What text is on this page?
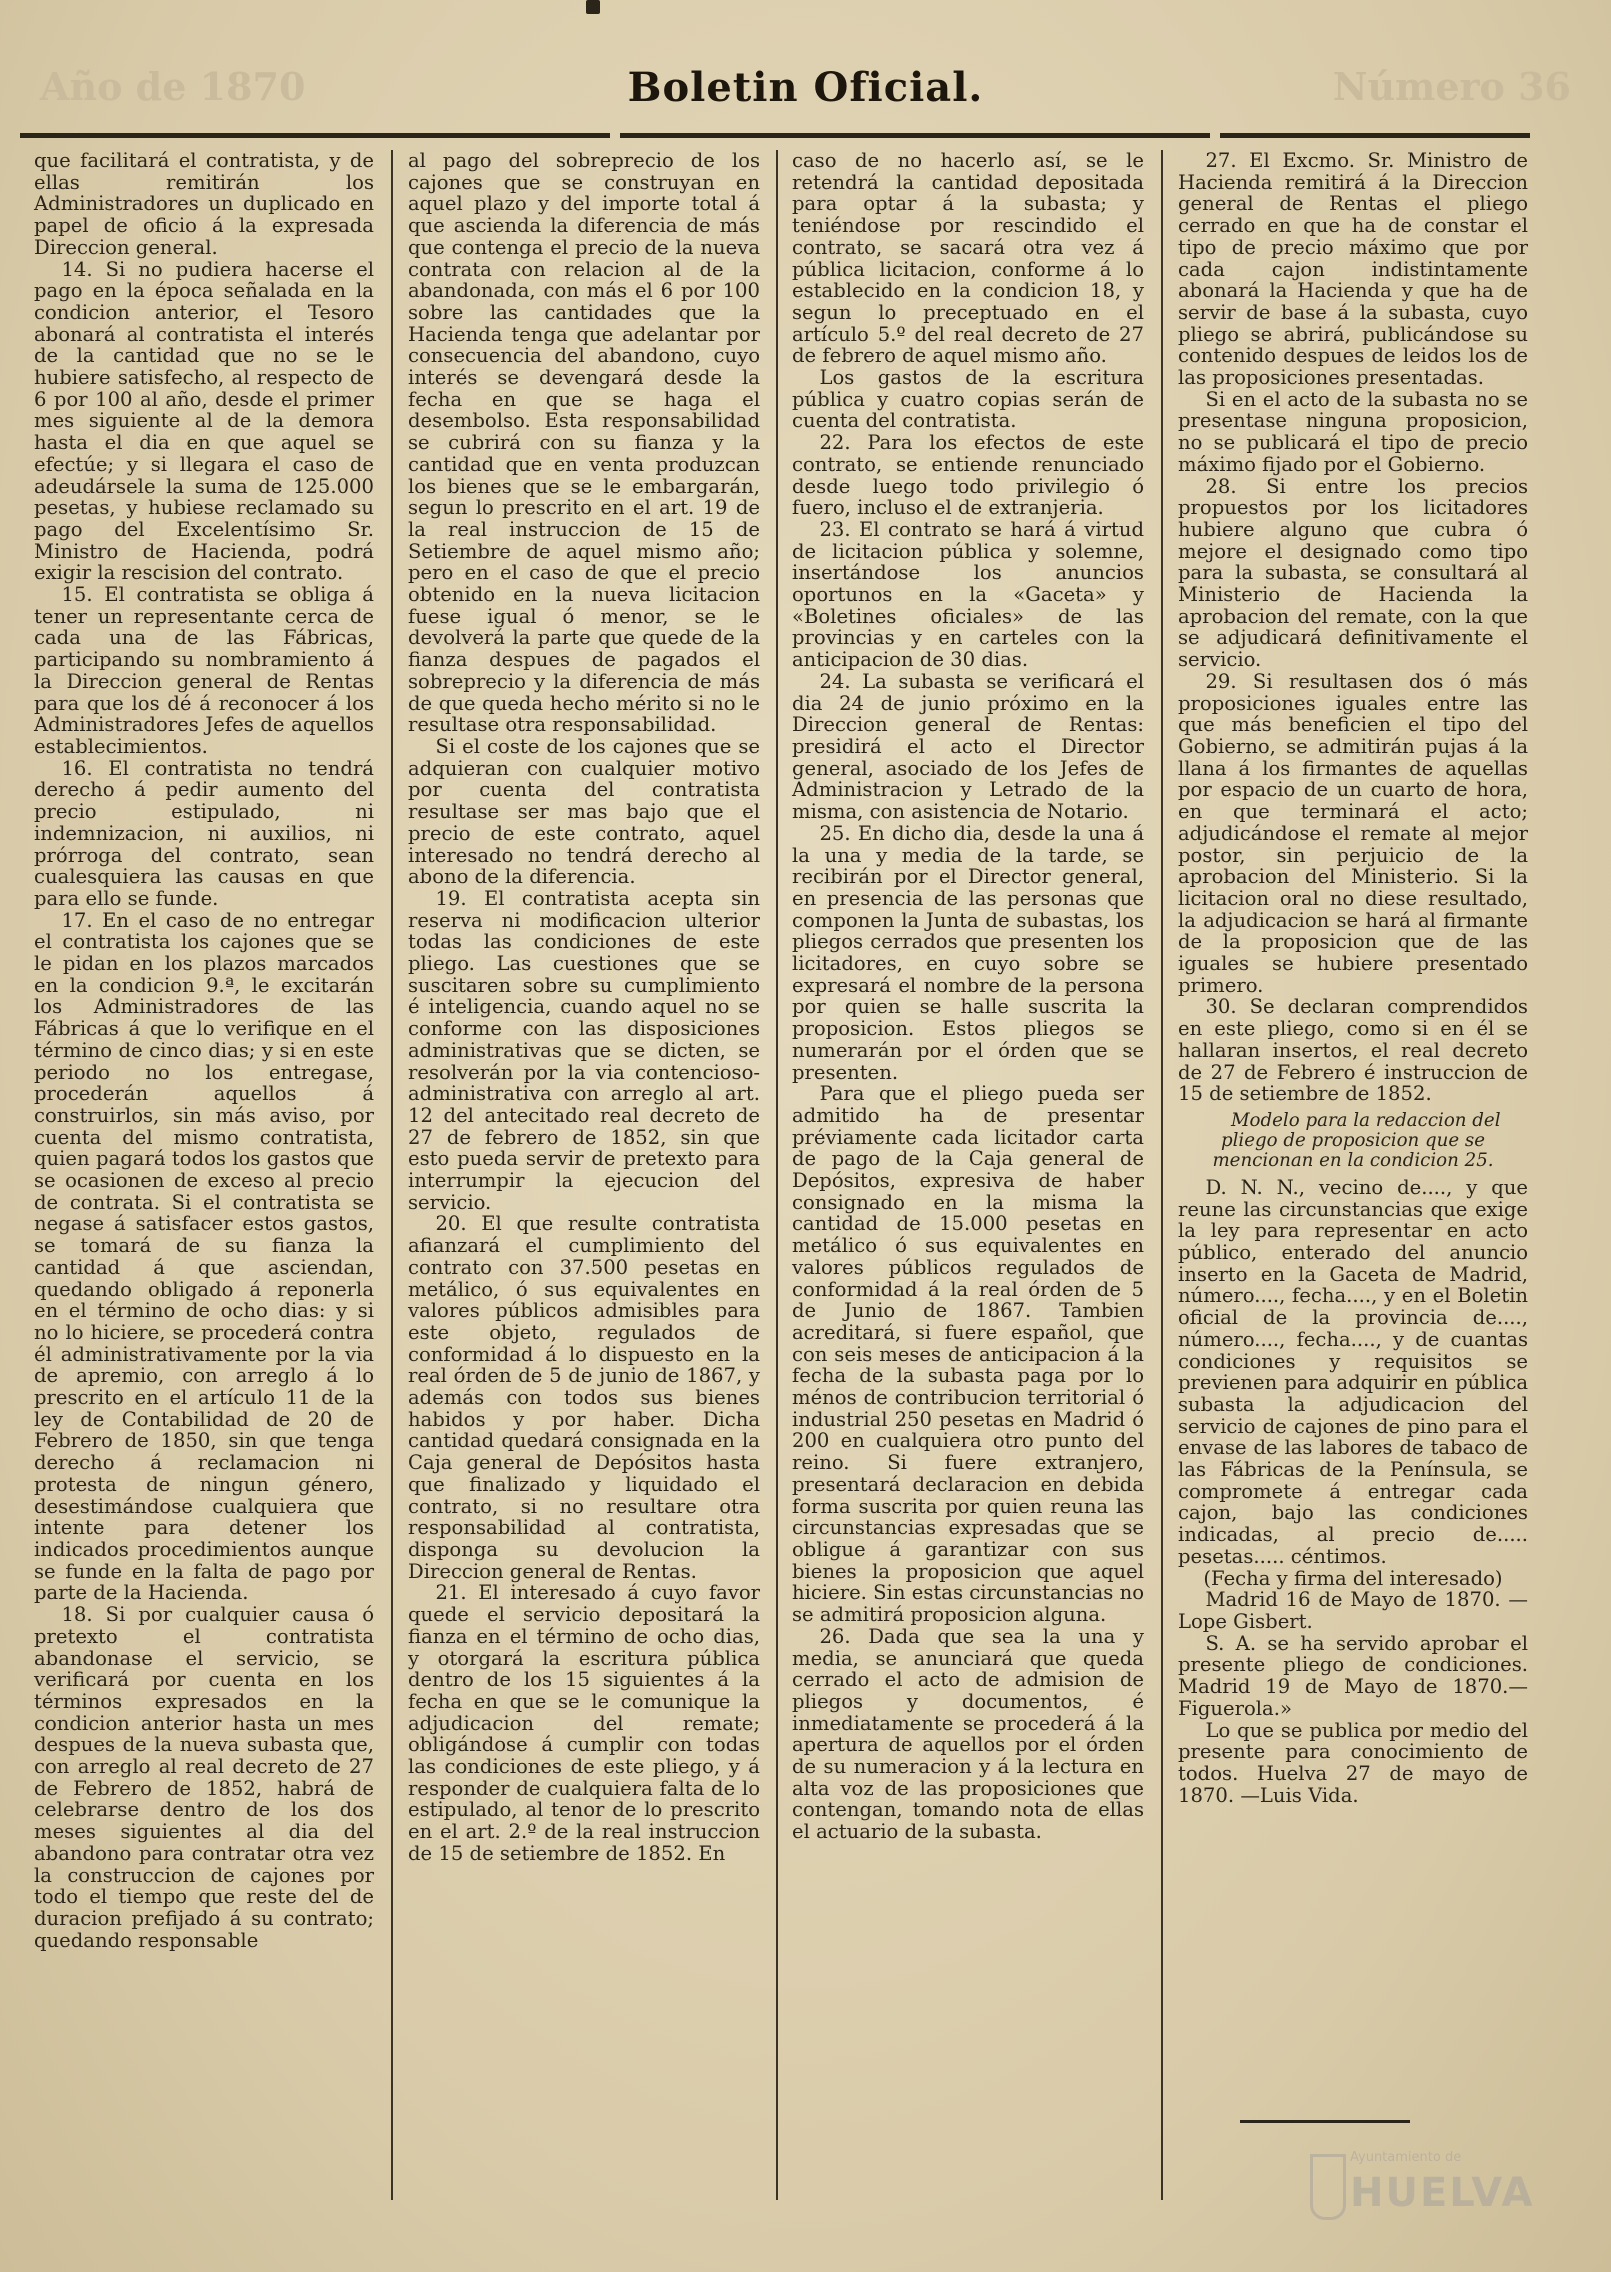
Año de 1870	Boletin Oficial.	Número 36

que facilitará el contratista, y de ellas remitirán los Administradores un duplicado en papel de oficio á la expresada Direccion general.

14. Si no pudiera hacerse el pago en la época señalada en la condicion anterior, el Tesoro abonará al contratista el interés de la cantidad que no se le hubiere satisfecho, al respecto de 6 por 100 al año, desde el primer mes siguiente al de la demora hasta el dia en que aquel se efectúe; y si llegara el caso de adeudársele la suma de 125.000 pesetas, y hubiese reclamado su pago del Excelentísimo Sr. Ministro de Hacienda, podrá exigir la rescision del contrato.

15. El contratista se obliga á tener un representante cerca de cada una de las Fábricas, participando su nombramiento á la Direccion general de Rentas para que los dé á reconocer á los Administradores Jefes de aquellos establecimientos.

16. El contratista no tendrá derecho á pedir aumento del precio estipulado, ni indemnizacion, ni auxilios, ni prórroga del contrato, sean cualesquiera las causas en que para ello se funde.

17. En el caso de no entregar el contratista los cajones que se le pidan en los plazos marcados en la condicion 9.ª, le excitarán los Administradores de las Fábricas á que lo verifique en el término de cinco dias; y si en este periodo no los entregase, procederán aquellos á construirlos, sin más aviso, por cuenta del mismo contratista, quien pagará todos los gastos que se ocasionen de exceso al precio de contrata. Si el contratista se negase á satisfacer estos gastos, se tomará de su fianza la cantidad á que asciendan, quedando obligado á reponerla en el término de ocho dias: y si no lo hiciere, se procederá contra él administrativamente por la via de apremio, con arreglo á lo prescrito en el artículo 11 de la ley de Contabilidad de 20 de Febrero de 1850, sin que tenga derecho á reclamacion ni protesta de ningun género, desestimándose cualquiera que intente para detener los indicados procedimientos aunque se funde en la falta de pago por parte de la Hacienda.

18. Si por cualquier causa ó pretexto el contratista abandonase el servicio, se verificará por cuenta en los términos expresados en la condicion anterior hasta un mes despues de la nueva subasta que, con arreglo al real decreto de 27 de Febrero de 1852, habrá de celebrarse dentro de los dos meses siguientes al dia del abandono para contratar otra vez la construccion de cajones por todo el tiempo que reste del de duracion prefijado á su contrato; quedando responsable

al pago del sobreprecio de los cajones que se construyan en aquel plazo y del importe total á que ascienda la diferencia de más que contenga el precio de la nueva contrata con relacion al de la abandonada, con más el 6 por 100 sobre las cantidades que la Hacienda tenga que adelantar por consecuencia del abandono, cuyo interés se devengará desde la fecha en que se haga el desembolso. Esta responsabilidad se cubrirá con su fianza y la cantidad que en venta produzcan los bienes que se le embargarán, segun lo prescrito en el art. 19 de la real instruccion de 15 de Setiembre de aquel mismo año; pero en el caso de que el precio obtenido en la nueva licitacion fuese igual ó menor, se le devolverá la parte que quede de la fianza despues de pagados el sobreprecio y la diferencia de más de que queda hecho mérito si no le resultase otra responsabilidad.

Si el coste de los cajones que se adquieran con cualquier motivo por cuenta del contratista resultase ser mas bajo que el precio de este contrato, aquel interesado no tendrá derecho al abono de la diferencia.

19. El contratista acepta sin reserva ni modificacion ulterior todas las condiciones de este pliego. Las cuestiones que se suscitaren sobre su cumplimiento é inteligencia, cuando aquel no se conforme con las disposiciones administrativas que se dicten, se resolverán por la via contencioso-administrativa con arreglo al art. 12 del antecitado real decreto de 27 de febrero de 1852, sin que esto pueda servir de pretexto para interrumpir la ejecucion del servicio.

20. El que resulte contratista afianzará el cumplimiento del contrato con 37.500 pesetas en metálico, ó sus equivalentes en valores públicos admisibles para este objeto, regulados de conformidad á lo dispuesto en la real órden de 5 de junio de 1867, y además con todos sus bienes habidos y por haber. Dicha cantidad quedará consignada en la Caja general de Depósitos hasta que finalizado y liquidado el contrato, si no resultare otra responsabilidad al contratista, disponga su devolucion la Direccion general de Rentas.

21. El interesado á cuyo favor quede el servicio depositará la fianza en el término de ocho dias, y otorgará la escritura pública dentro de los 15 siguientes á la fecha en que se le comunique la adjudicacion del remate; obligándose á cumplir con todas las condiciones de este pliego, y á responder de cualquiera falta de lo estipulado, al tenor de lo prescrito en el art. 2.º de la real instruccion de 15 de setiembre de 1852. En

caso de no hacerlo así, se le retendrá la cantidad depositada para optar á la subasta; y teniéndose por rescindido el contrato, se sacará otra vez á pública licitacion, conforme á lo establecido en la condicion 18, y segun lo preceptuado en el artículo 5.º del real decreto de 27 de febrero de aquel mismo año.

Los gastos de la escritura pública y cuatro copias serán de cuenta del contratista.

22. Para los efectos de este contrato, se entiende renunciado desde luego todo privilegio ó fuero, incluso el de extranjeria.

23. El contrato se hará á virtud de licitacion pública y solemne, insertándose los anuncios oportunos en la «Gaceta» y «Boletines oficiales» de las provincias y en carteles con la anticipacion de 30 dias.

24. La subasta se verificará el dia 24 de junio próximo en la Direccion general de Rentas: presidirá el acto el Director general, asociado de los Jefes de Administracion y Letrado de la misma, con asistencia de Notario.

25. En dicho dia, desde la una á la una y media de la tarde, se recibirán por el Director general, en presencia de las personas que componen la Junta de subastas, los pliegos cerrados que presenten los licitadores, en cuyo sobre se expresará el nombre de la persona por quien se halle suscrita la proposicion. Estos pliegos se numerarán por el órden que se presenten.

Para que el pliego pueda ser admitido ha de presentar préviamente cada licitador carta de pago de la Caja general de Depósitos, expresiva de haber consignado en la misma la cantidad de 15.000 pesetas en metálico ó sus equivalentes en valores públicos regulados de conformidad á la real órden de 5 de Junio de 1867. Tambien acreditará, si fuere español, que con seis meses de anticipacion á la fecha de la subasta paga por lo ménos de contribucion territorial ó industrial 250 pesetas en Madrid ó 200 en cualquiera otro punto del reino. Si fuere extranjero, presentará declaracion en debida forma suscrita por quien reuna las circunstancias expresadas que se obligue á garantizar con sus bienes la proposicion que aquel hiciere. Sin estas circunstancias no se admitirá proposicion alguna.

26. Dada que sea la una y media, se anunciará que queda cerrado el acto de admision de pliegos y documentos, é inmediatamente se procederá á la apertura de aquellos por el órden de su numeracion y á la lectura en alta voz de las proposiciones que contengan, tomando nota de ellas el actuario de la subasta.

27. El Excmo. Sr. Ministro de Hacienda remitirá á la Direccion general de Rentas el pliego cerrado en que ha de constar el tipo de precio máximo que por cada cajon indistintamente abonará la Hacienda y que ha de servir de base á la subasta, cuyo pliego se abrirá, publicándose su contenido despues de leidos los de las proposiciones presentadas.

Si en el acto de la subasta no se presentase ninguna proposicion, no se publicará el tipo de precio máximo fijado por el Gobierno.

28. Si entre los precios propuestos por los licitadores hubiere alguno que cubra ó mejore el designado como tipo para la subasta, se consultará al Ministerio de Hacienda la aprobacion del remate, con la que se adjudicará definitivamente el servicio.

29. Si resultasen dos ó más proposiciones iguales entre las que más beneficien el tipo del Gobierno, se admitirán pujas á la llana á los firmantes de aquellas por espacio de un cuarto de hora, en que terminará el acto; adjudicándose el remate al mejor postor, sin perjuicio de la aprobacion del Ministerio. Si la licitacion oral no diese resultado, la adjudicacion se hará al firmante de la proposicion que de las iguales se hubiere presentado primero.

30. Se declaran comprendidos en este pliego, como si en él se hallaran insertos, el real decreto de 27 de Febrero é instruccion de 15 de setiembre de 1852.

Modelo para la redaccion del pliego de proposicion que se mencionan en la condicion 25.

D. N. N., vecino de...., y que reune las circunstancias que exige la ley para representar en acto público, enterado del anuncio inserto en la Gaceta de Madrid, número...., fecha...., y en el Boletin oficial de la provincia de...., número...., fecha...., y de cuantas condiciones y requisitos se previenen para adquirir en pública subasta la adjudicacion del servicio de cajones de pino para el envase de las labores de tabaco de las Fábricas de la Península, se compromete á entregar cada cajon, bajo las condiciones indicadas, al precio de..... pesetas..... céntimos.

(Fecha y firma del interesado)

Madrid 16 de Mayo de 1870. —Lope Gisbert.

S. A. se ha servido aprobar el presente pliego de condiciones. Madrid 19 de Mayo de 1870.—Figuerola.»

Lo que se publica por medio del presente para conocimiento de todos. Huelva 27 de mayo de 1870. —Luis Vida.

Ayuntamiento de
HUELVA
